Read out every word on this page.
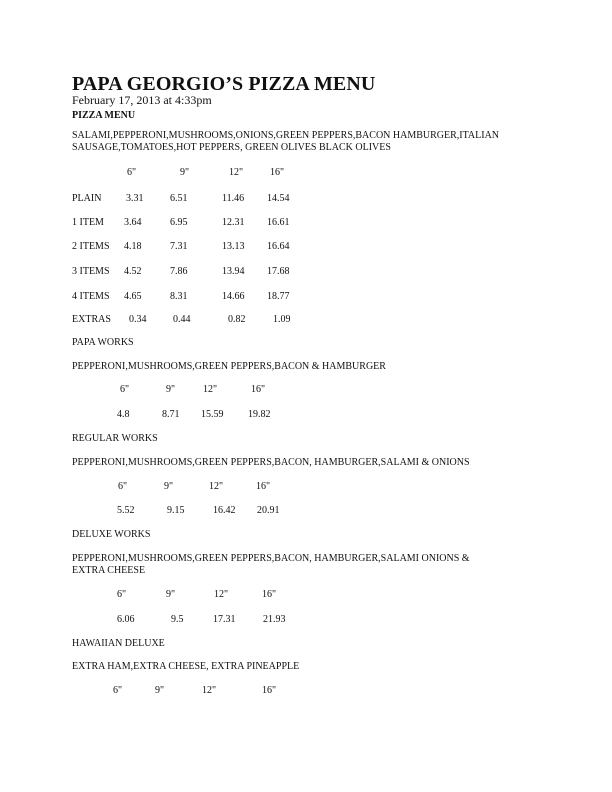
PAPA GEORGIO’S PIZZA MENU
February 17, 2013 at 4:33pm
PIZZA MENU
SALAMI,PEPPERONI,MUSHROOMS,ONIONS,GREEN PEPPERS,BACON HAMBURGER,ITALIAN
SAUSAGE,TOMATOES,HOT PEPPERS, GREEN OLIVES BLACK OLIVES
6"	9"	12"	16"
PLAIN 3.31	6.51	11.46 14.54
1 ITEM 3.64	6.95	12.31 16.61
2 ITEMS 4.18	7.31	13.13 16.64
3 ITEMS 4.52	7.86	13.94 17.68
4 ITEMS 4.65	8.31	14.66 18.77
EXTRAS 0.34	0.44	0.82	1.09
PAPA WORKS
PEPPERONI,MUSHROOMS,GREEN PEPPERS,BACON & HAMBURGER
6"	9"	12"	16"
4.8	8.71 15.59 19.82
REGULAR WORKS
PEPPERONI,MUSHROOMS,GREEN PEPPERS,BACON, HAMBURGER,SALAMI & ONIONS
6"	9"	12"	16"
5.52	9.15	16.42 20.91
DELUXE WORKS
PEPPERONI,MUSHROOMS,GREEN PEPPERS,BACON, HAMBURGER,SALAMI ONIONS &
EXTRA CHEESE
6"	9"	12"	16"
6.06	9.5	17.31	21.93
HAWAIIAN DELUXE
EXTRA HAM,EXTRA CHEESE, EXTRA PINEAPPLE
6"	9"	12"	16"
